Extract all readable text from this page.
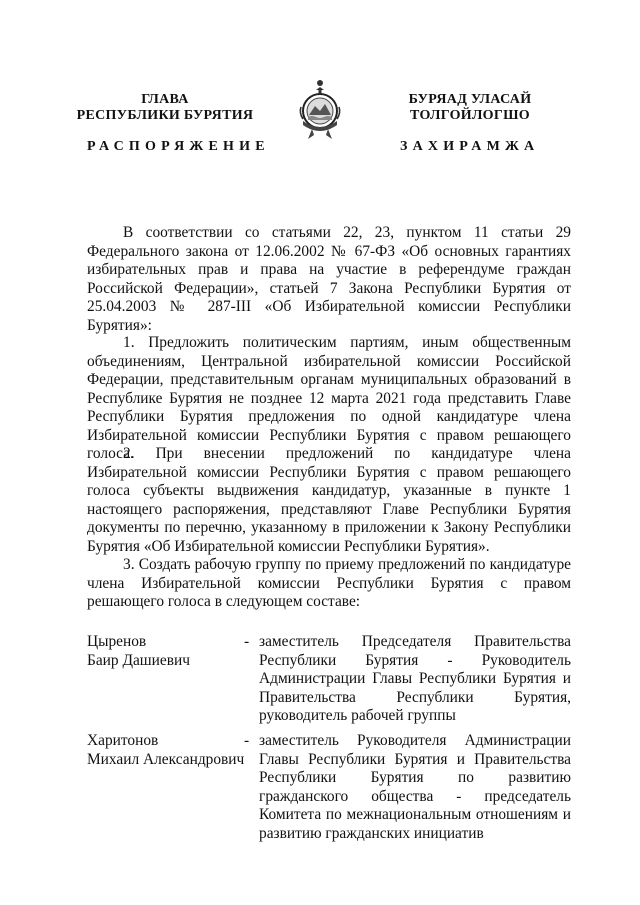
ГЛАВА
РЕСПУБЛИКИ БУРЯТИЯ
БУРЯАД УЛАСАЙ
ТОЛГОЙЛОГШО
РАСПОРЯЖЕНИЕ	ЗАХИРАМЖА

В соответствии со статьями 22, 23, пунктом 11 статьи 29 Федерального закона от 12.06.2002 № 67-ФЗ «Об основных гарантиях избирательных прав и права на участие в референдуме граждан Российской Федерации», статьей 7 Закона Республики Бурятия от 25.04.2003 № 287-III «Об Избирательной комиссии Республики Бурятия»:

1. Предложить политическим партиям, иным общественным объединениям, Центральной избирательной комиссии Российской Федерации, представительным органам муниципальных образований в Республике Бурятия не позднее 12 марта 2021 года представить Главе Республики Бурятия предложения по одной кандидатуре члена Избирательной комиссии Республики Бурятия с правом решающего голоса.

2. При внесении предложений по кандидатуре члена Избирательной комиссии Республики Бурятия с правом решающего голоса субъекты выдвижения кандидатур, указанные в пункте 1 настоящего распоряжения, представляют Главе Республики Бурятия документы по перечню, указанному в приложении к Закону Республики Бурятия «Об Избирательной комиссии Республики Бурятия».

3. Создать рабочую группу по приему предложений по кандидатуре члена Избирательной комиссии Республики Бурятия с правом решающего голоса в следующем составе:

Цыренов
Баир Дашиевич
- заместитель Председателя Правительства Республики Бурятия - Руководитель Администрации Главы Республики Бурятия и Правительства Республики Бурятия, руководитель рабочей группы
Харитонов
Михаил Александрович
- заместитель Руководителя Администрации Главы Республики Бурятия и Правительства Республики Бурятия по развитию гражданского общества - председатель Комитета по межнациональным отношениям и развитию гражданских инициатив
